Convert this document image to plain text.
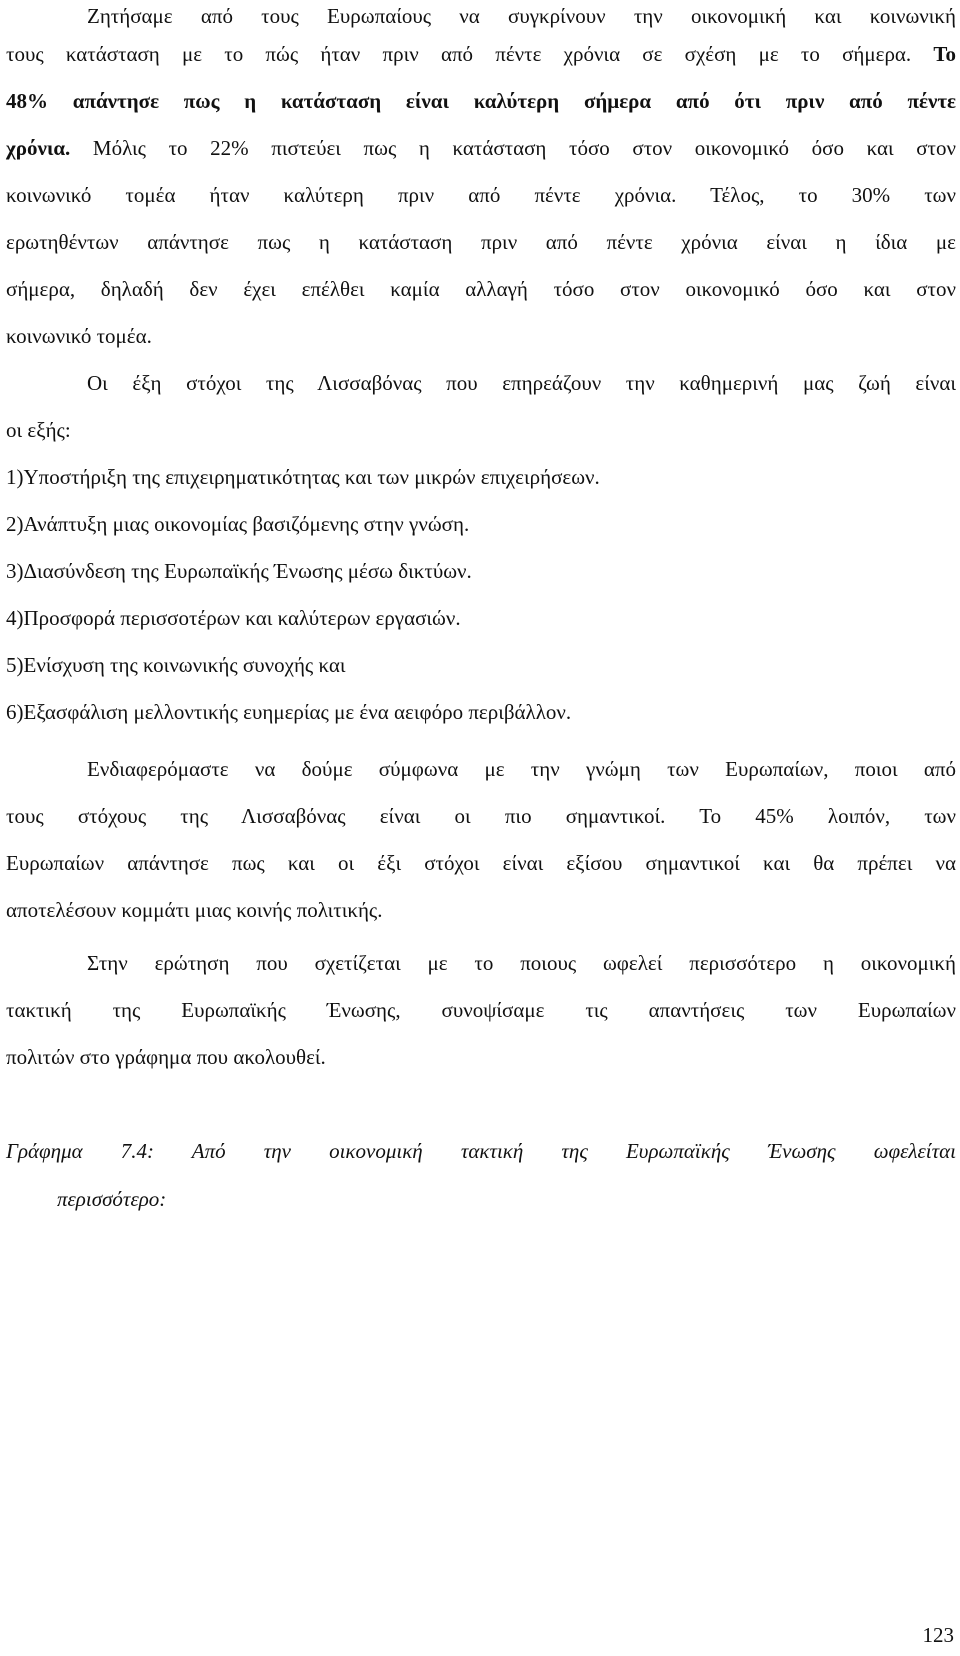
Ζητήσαμε από τους Ευρωπαίους να συγκρίνουν την οικονομική και κοινωνική
τους κατάσταση με το πώς ήταν πριν από πέντε χρόνια σε σχέση με το σήμερα. Το
48% απάντησε πως η κατάσταση είναι καλύτερη σήμερα από ότι πριν από πέντε
χρόνια. Μόλις το 22% πιστεύει πως η κατάσταση τόσο στον οικονομικό όσο και στον
κοινωνικό τομέα ήταν καλύτερη πριν από πέντε χρόνια. Τέλος, το 30% των
ερωτηθέντων απάντησε πως η κατάσταση πριν από πέντε χρόνια είναι η ίδια με
σήμερα, δηλαδή δεν έχει επέλθει καμία αλλαγή τόσο στον οικονομικό όσο και στον
κοινωνικό τομέα.
Οι έξη στόχοι της Λισσαβόνας που επηρεάζουν την καθημερινή μας ζωή είναι
οι εξής:
1)Υποστήριξη της επιχειρηματικότητας και των μικρών επιχειρήσεων.
2)Ανάπτυξη μιας οικονομίας βασιζόμενης στην γνώση.
3)Διασύνδεση της Ευρωπαϊκής Ένωσης μέσω δικτύων.
4)Προσφορά περισσοτέρων και καλύτερων εργασιών.
5)Ενίσχυση της κοινωνικής συνοχής και
6)Εξασφάλιση μελλοντικής ευημερίας με ένα αειφόρο περιβάλλον.
Ενδιαφερόμαστε να δούμε σύμφωνα με την γνώμη των Ευρωπαίων, ποιοι από
τους στόχους της Λισσαβόνας είναι οι πιο σημαντικοί. Το 45% λοιπόν, των
Ευρωπαίων απάντησε πως και οι έξι στόχοι είναι εξίσου σημαντικοί και θα πρέπει να
αποτελέσουν κομμάτι μιας κοινής πολιτικής.
Στην ερώτηση που σχετίζεται με το ποιους ωφελεί περισσότερο η οικονομική
τακτική της Ευρωπαϊκής Ένωσης, συνοψίσαμε τις απαντήσεις των Ευρωπαίων
πολιτών στο γράφημα που ακολουθεί.
Γράφημα 7.4: Από την οικονομική τακτική της Ευρωπαϊκής Ένωσης ωφελείται
περισσότερο:
123
